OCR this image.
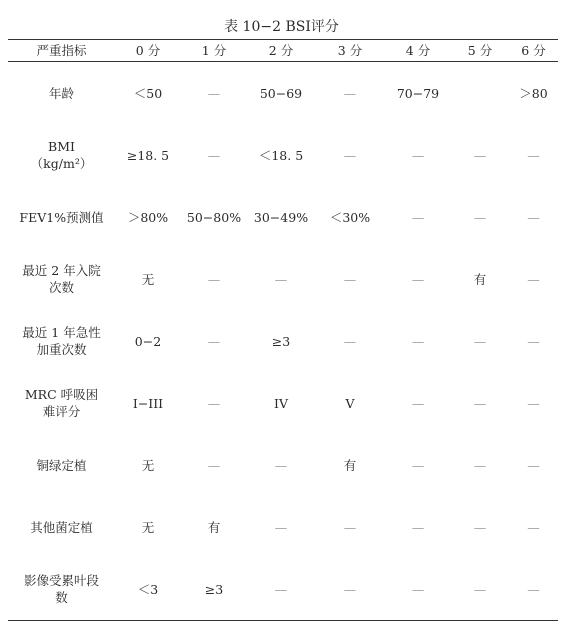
表 10−2 BSI评分
严重指标	0 分	1 分	2 分	3 分	4 分	5 分	6 分
年龄	＜50	—	50−69	—	70−79		＞80
BMI
（kg/m²）	≥18. 5	—	＜18. 5	—	—	—	—
FEV1%预测值	＞80%	50−80%	30−49%	＜30%	—	—	—
最近 2 年入院
次数	无	—	—	—	—	有	—
最近 1 年急性
加重次数	0−2	—	≥3	—	—	—	—
MRC 呼吸困
难评分	I−III	—	IV	V	—	—	—
铜绿定植	无	—	—	有	—	—	—
其他菌定植	无	有	—	—	—	—	—
影像受累叶段
数	＜3	≥3	—	—	—	—	—
